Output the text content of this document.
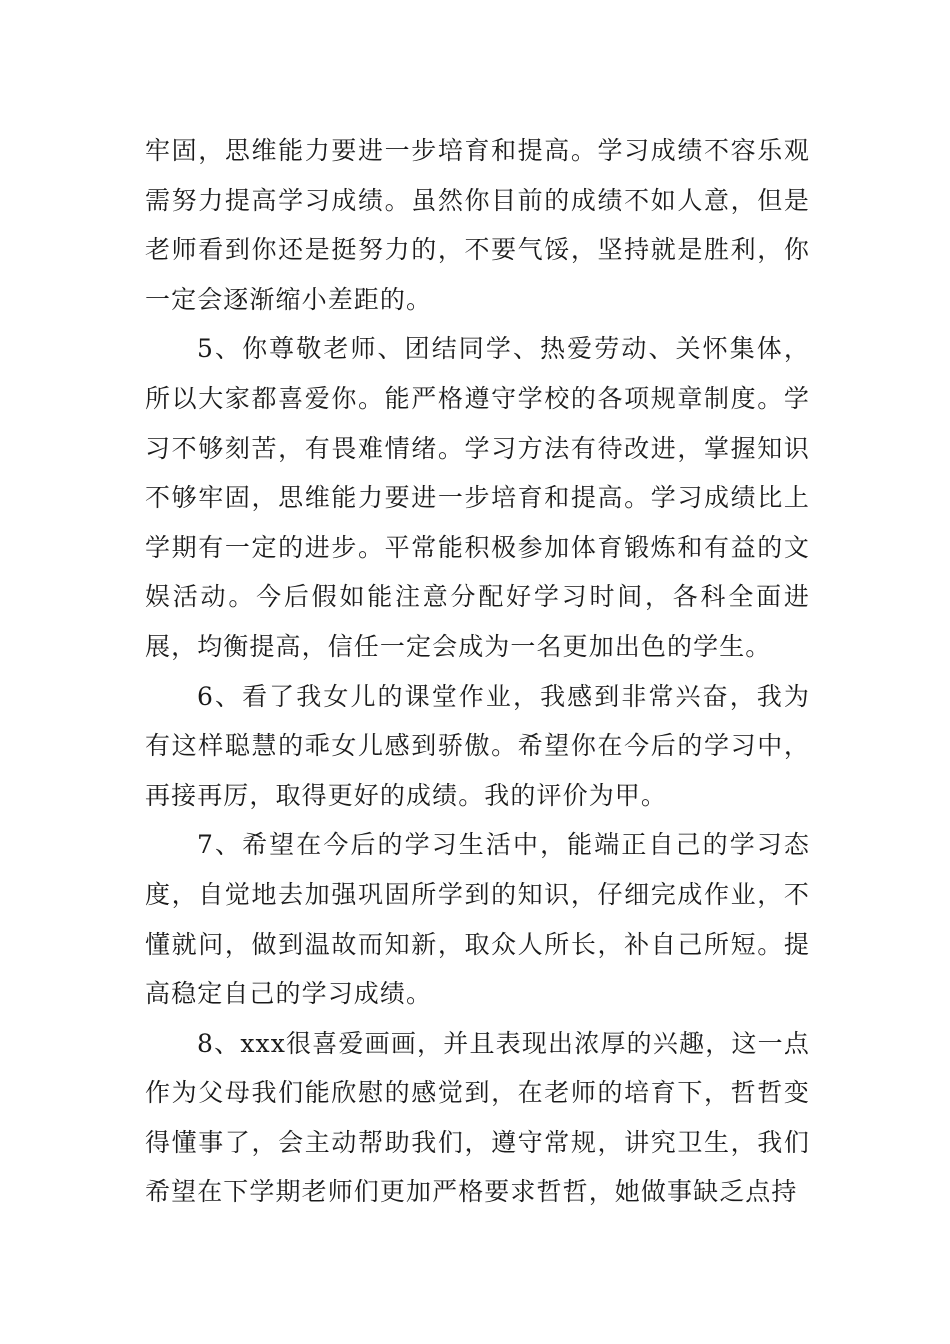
牢固，思维能力要进一步培育和提高。学习成绩不容乐观需努力提高学习成绩。虽然你目前的成绩不如人意，但是老师看到你还是挺努力的，不要气馁，坚持就是胜利，你一定会逐渐缩小差距的。

5、你尊敬老师、团结同学、热爱劳动、关怀集体，所以大家都喜爱你。能严格遵守学校的各项规章制度。学习不够刻苦，有畏难情绪。学习方法有待改进，掌握知识不够牢固，思维能力要进一步培育和提高。学习成绩比上学期有一定的进步。平常能积极参加体育锻炼和有益的文娱活动。今后假如能注意分配好学习时间，各科全面进展，均衡提高，信任一定会成为一名更加出色的学生。

6、看了我女儿的课堂作业，我感到非常兴奋，我为有这样聪慧的乖女儿感到骄傲。希望你在今后的学习中，再接再厉，取得更好的成绩。我的评价为甲。

7、希望在今后的学习生活中，能端正自己的学习态度，自觉地去加强巩固所学到的知识，仔细完成作业，不懂就问，做到温故而知新，取众人所长，补自己所短。提高稳定自己的学习成绩。

8、xxx很喜爱画画，并且表现出浓厚的兴趣，这一点作为父母我们能欣慰的感觉到，在老师的培育下，哲哲变得懂事了，会主动帮助我们，遵守常规，讲究卫生，我们希望在下学期老师们更加严格要求哲哲，她做事缺乏点持
